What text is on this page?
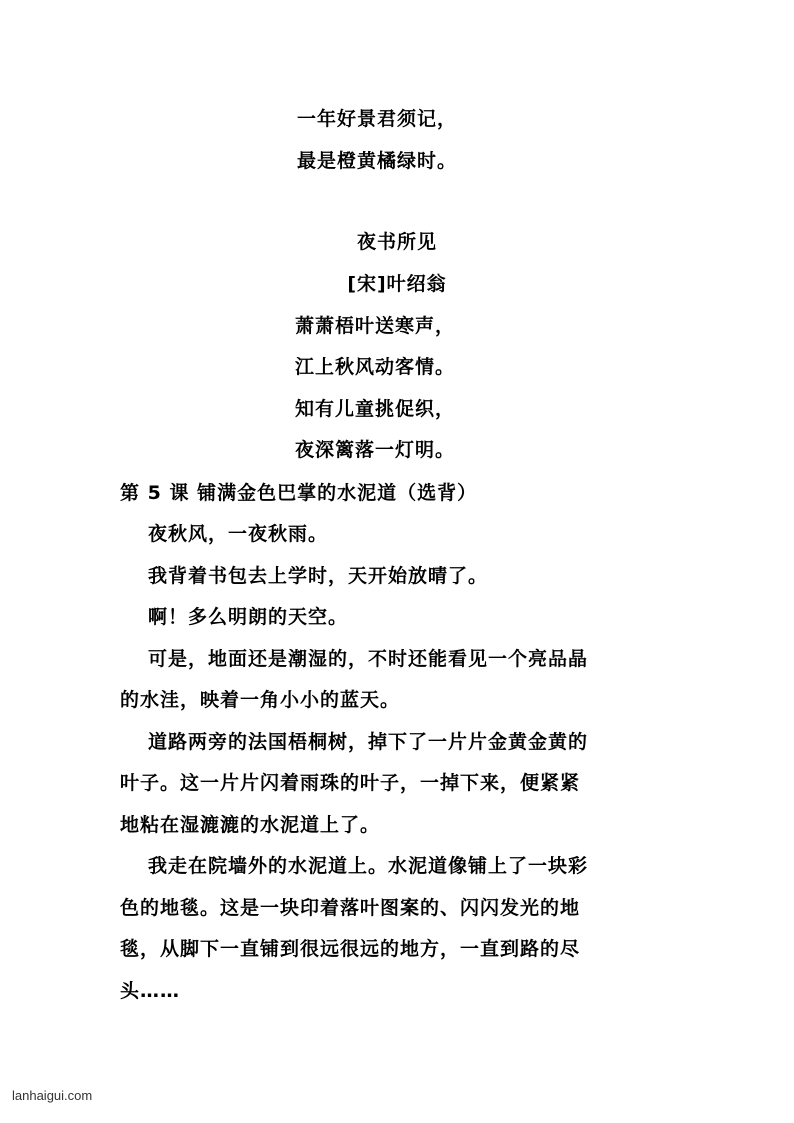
一年好景君须记，
最是橙黄橘绿时。
夜书所见
[宋]叶绍翁
萧萧梧叶送寒声，
江上秋风动客情。
知有儿童挑促织，
夜深篱落一灯明。
第 5 课 铺满金色巴掌的水泥道（选背）
夜秋风，一夜秋雨。
我背着书包去上学时，天开始放晴了。
啊！多么明朗的天空。
可是，地面还是潮湿的，不时还能看见一个亮品晶
的水洼，映着一角小小的蓝天。
道路两旁的法国梧桐树，掉下了一片片金黄金黄的
叶子。这一片片闪着雨珠的叶子，一掉下来，便紧紧
地粘在湿漉漉的水泥道上了。
我走在院墙外的水泥道上。水泥道像铺上了一块彩
色的地毯。这是一块印着落叶图案的、闪闪发光的地
毯，从脚下一直铺到很远很远的地方，一直到路的尽
头……
lanhaigui.com
